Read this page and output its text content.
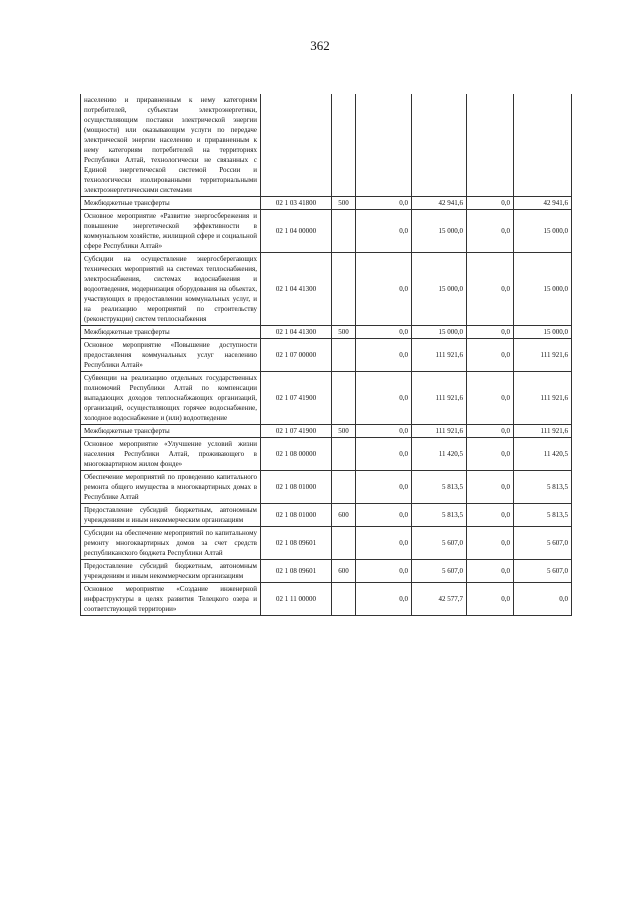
362
населению и приравненным к нему категориям потребителей, субъектам электроэнергетики, осуществляющим поставки электрической энергии (мощности) или оказывающим услуги по передаче электрической энергии населению и приравненным к нему категориям потребителей на территориях Республики Алтай, технологически не связанных с Единой энергетической системой России и технологически изолированными территориальными электроэнергетическими системами						
Межбюджетные трансферты	02 1 03 41800	500	0,0	42 941,6	0,0	42 941,6
Основное мероприятие «Развитие энергосбережения и повышение энергетической эффективности в коммунальном хозяйстве, жилищной сфере и социальной сфере Республики Алтай»	02 1 04 00000		0,0	15 000,0	0,0	15 000,0
Субсидии на осуществление энергосберегающих технических мероприятий на системах теплоснабжения, электроснабжения, системах водоснабжения и водоотведения, модернизация оборудования на объектах, участвующих в предоставлении коммунальных услуг, и на реализацию мероприятий по строительству (реконструкции) систем теплоснабжения	02 1 04 41300		0,0	15 000,0	0,0	15 000,0
Межбюджетные трансферты	02 1 04 41300	500	0,0	15 000,0	0,0	15 000,0
Основное мероприятие «Повышение доступности предоставления коммунальных услуг населению Республики Алтай»	02 1 07 00000		0,0	111 921,6	0,0	111 921,6
Субвенции на реализацию отдельных государственных полномочий Республики Алтай по компенсации выпадающих доходов теплоснабжающих организаций, организаций, осуществляющих горячее водоснабжение, холодное водоснабжение и (или) водоотведение	02 1 07 41900		0,0	111 921,6	0,0	111 921,6
Межбюджетные трансферты	02 1 07 41900	500	0,0	111 921,6	0,0	111 921,6
Основное мероприятие «Улучшение условий жизни населения Республики Алтай, проживающего в многоквартирном жилом фонде»	02 1 08 00000		0,0	11 420,5	0,0	11 420,5
Обеспечение мероприятий по проведению капитального ремонта общего имущества в многоквартирных домах в Республике Алтай	02 1 08 01000		0,0	5 813,5	0,0	5 813,5
Предоставление субсидий бюджетным, автономным учреждениям и иным некоммерческим организациям	02 1 08 01000	600	0,0	5 813,5	0,0	5 813,5
Субсидии на обеспечение мероприятий по капитальному ремонту многоквартирных домов за счет средств республиканского бюджета Республики Алтай	02 1 08 09601		0,0	5 607,0	0,0	5 607,0
Предоставление субсидий бюджетным, автономным учреждениям и иным некоммерческим организациям	02 1 08 09601	600	0,0	5 607,0	0,0	5 607,0
Основное мероприятие «Создание инженерной инфраструктуры в целях развития Телецкого озера и соответствующей территории»	02 1 11 00000		0,0	42 577,7	0,0	0,0
